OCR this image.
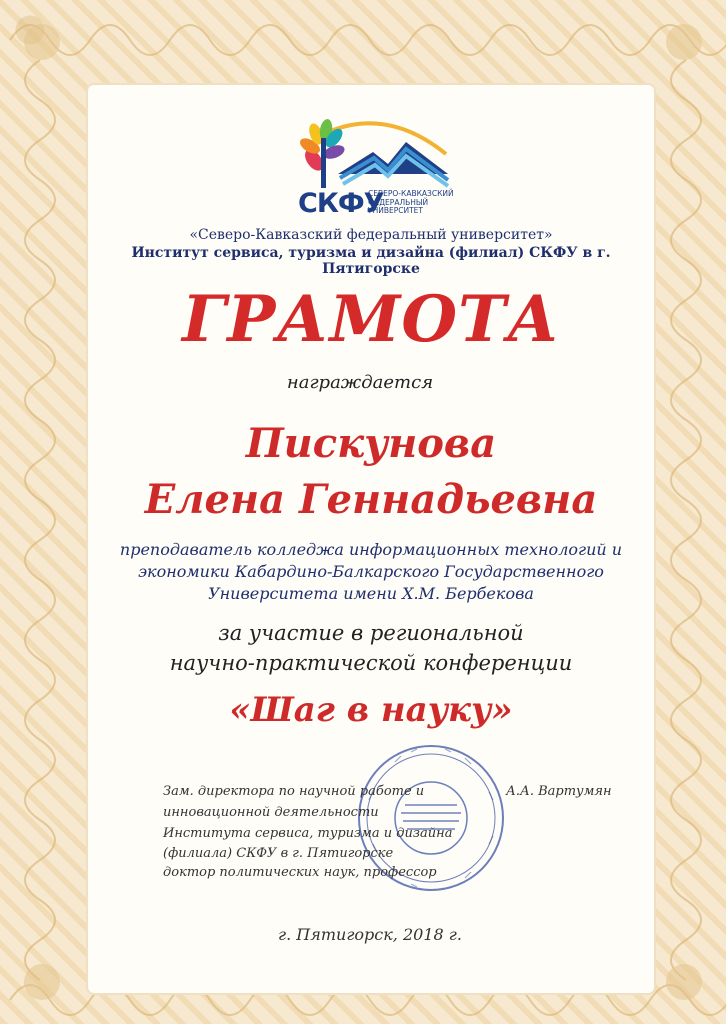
СКФУ
СЕВЕРО-КАВКАЗСКИЙ
ФЕДЕРАЛЬНЫЙ
УНИВЕРСИТЕТ
«Северо-Кавказский федеральный университет»
Институт сервиса, туризма и дизайна (филиал) СКФУ в г. Пятигорске
ГРАМОТА
награждается
Пискунова
Елена Геннадьевна
преподаватель колледжа информационных технологий и
экономики Кабардино-Балкарского Государственного
Университета имени Х.М. Бербекова
за участие в региональной
научно-практической конференции
«Шаг в науку»
Зам. директора по научной работе и
инновационной деятельности
Института сервиса, туризма и дизайна
(филиала) СКФУ в г. Пятигорске
доктор политических наук, профессор
А.А. Вартумян
г. Пятигорск, 2018 г.
